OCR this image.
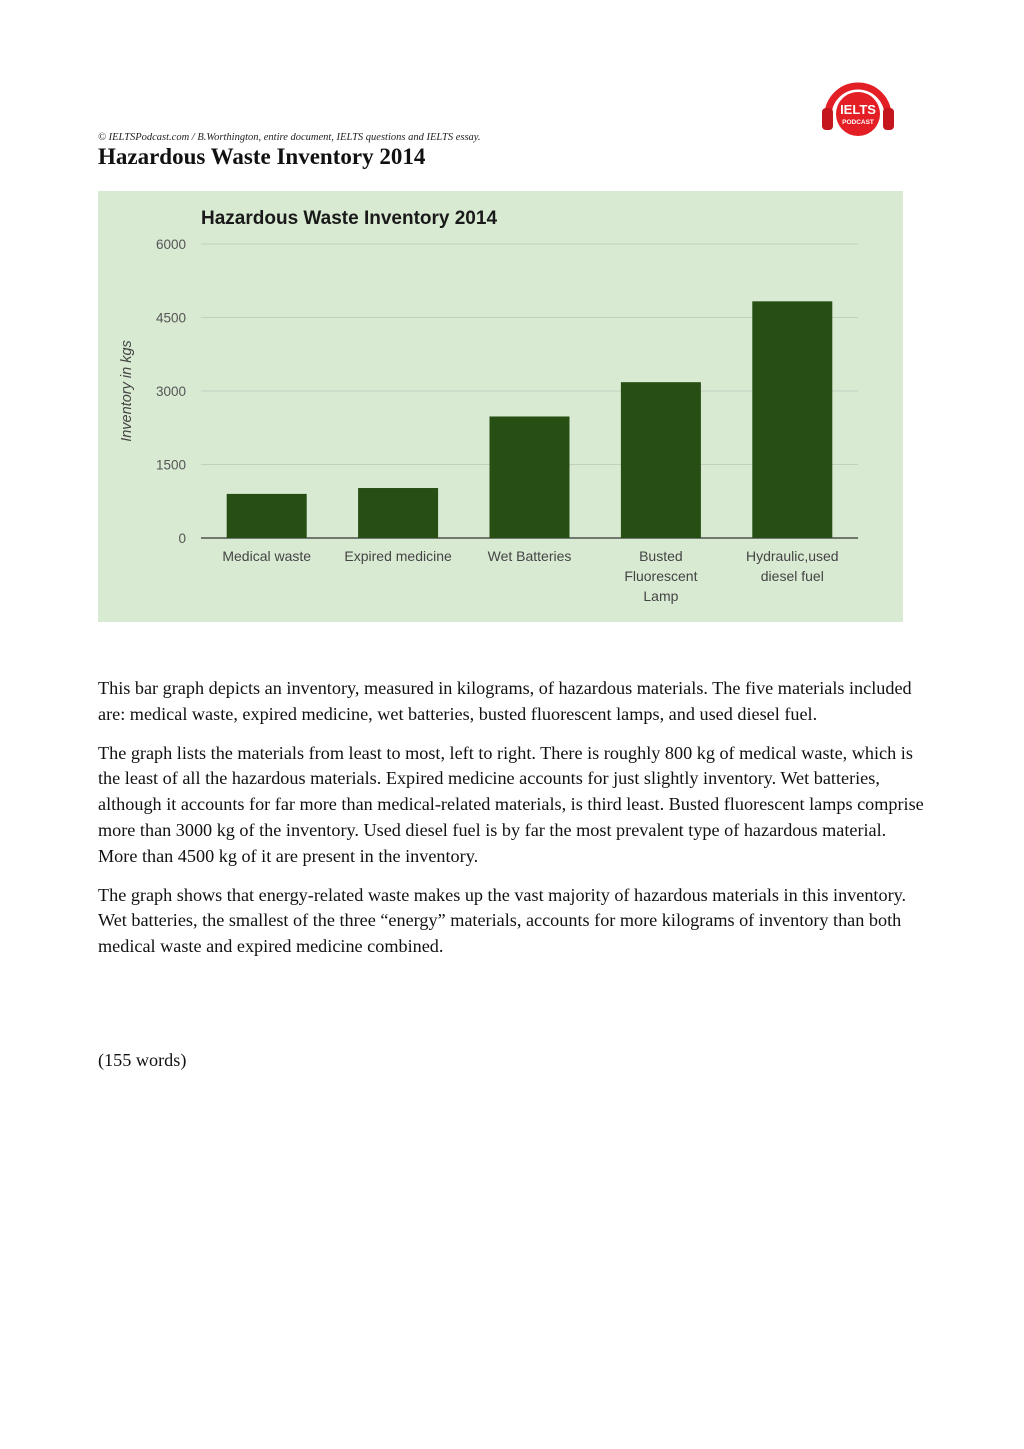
© IELTSPodcast.com / B.Worthington, entire document, IELTS questions and IELTS essay.
Hazardous Waste Inventory 2014
IELTS
PODCAST
Hazardous Waste Inventory 2014
Inventory in kgs
0
1500
3000
4500
6000
Medical waste Expired medicine	Wet Batteries	Busted
Fluorescent
Lamp
Hydraulic,used
diesel fuel

This bar graph depicts an inventory, measured in kilograms, of hazardous materials. The five materials included are: medical waste, expired medicine, wet batteries, busted fluorescent lamps, and used diesel fuel.

The graph lists the materials from least to most, left to right. There is roughly 800 kg of medical waste, which is the least of all the hazardous materials. Expired medicine accounts for just slightly inventory. Wet batteries, although it accounts for far more than medical-related materials, is third least. Busted fluorescent lamps comprise more than 3000 kg of the inventory. Used diesel fuel is by far the most prevalent type of hazardous material. More than 4500 kg of it are present in the inventory.

The graph shows that energy-related waste makes up the vast majority of hazardous materials in this inventory. Wet batteries, the smallest of the three “energy” materials, accounts for more kilograms of inventory than both medical waste and expired medicine combined.

(155 words)
